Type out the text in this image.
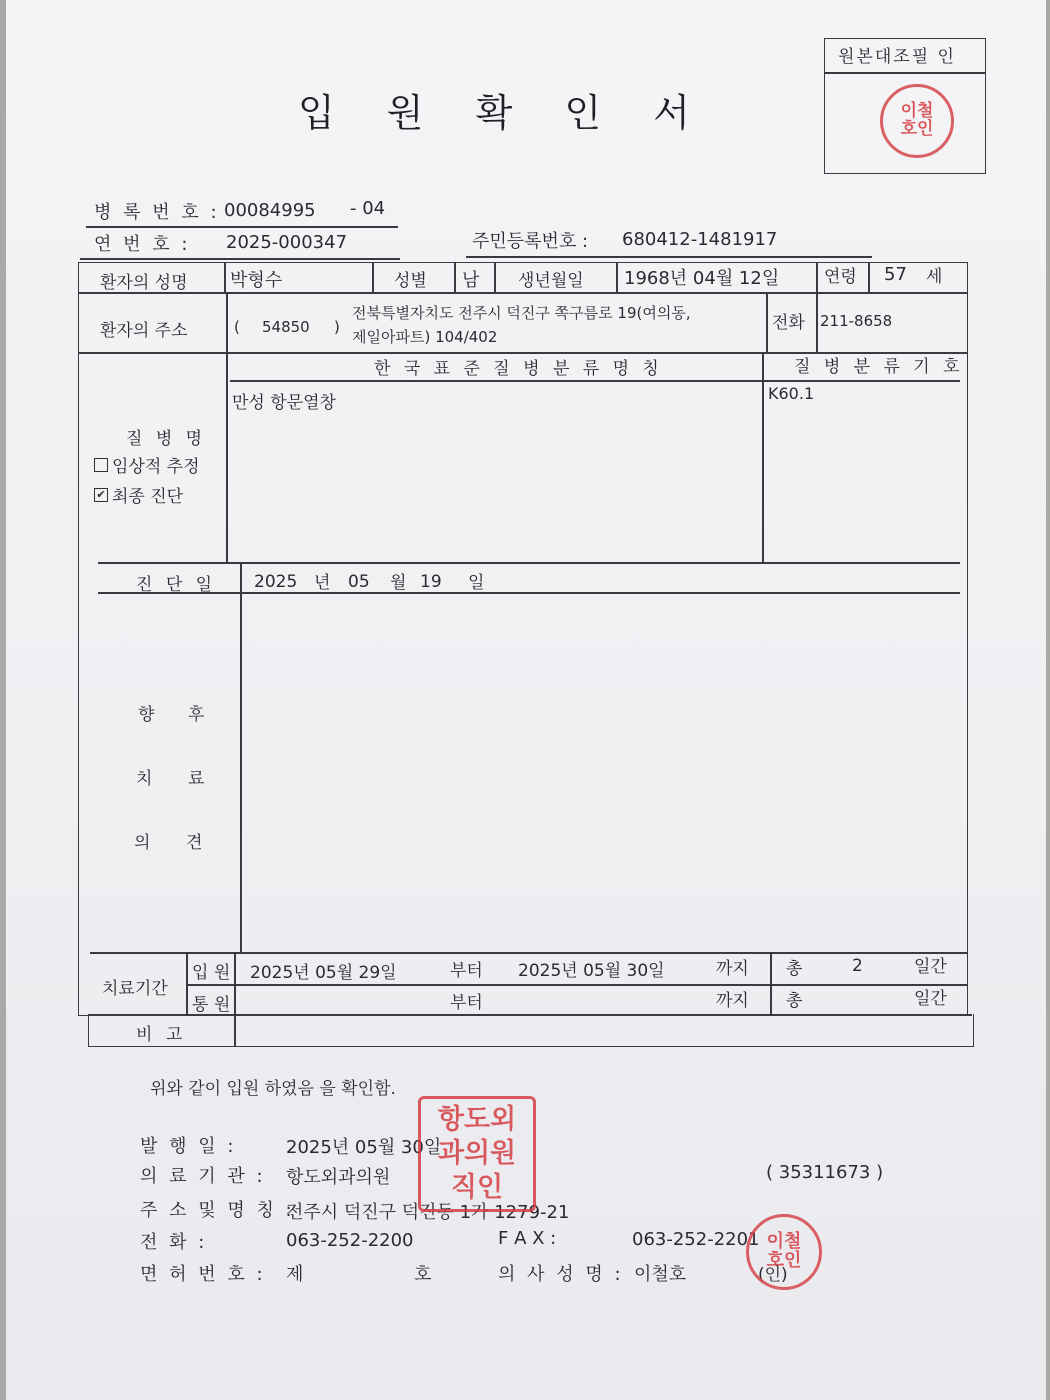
입 원 확 인 서
원본대조필 인
이철호인
병 록 번 호 : 00084995 - 04
연 번 호 : 2025-000347	주민등록번호 : 680412-1481917
환자의 성명 박형수	성별 남 생년월일 1968년 04월 12일	연령 57 세
환자의 주소	( 54850 )
전북특별자치도 전주시 덕진구 쪽구름로 19(여의동,
제일아파트) 104/402
전화 211-8658
한 국 표 준 질 병 분 류 명 칭	질 병 분 류 기 호
질 병 명
임상적 추정
✔ 최종 진단
만성 항문열창	K60.1
진 단 일 2025 년 05 월 19 일
향 후
치 료
의 견
치료기간
입 원
통 원
2025년 05월 29일	부터 2025년 05월 30일	까지 총	2	일간
부터	까지 총	일간
비 고
위와 같이 입원 하였음 을 확인함.
발 행 일 :	2025년 05월 30일
의 료 기 관 : 항도외과의원	( 35311673 )
주 소 및 명 칭 :
전주시 덕진구 덕진동 1가 1279-21
전 화 :	063-252-2200	F A X :	063-252-2201
면 허 번 호 : 제	호	의 사 성 명 : 이철호	(인)
항도외과의원직인
이철호인
